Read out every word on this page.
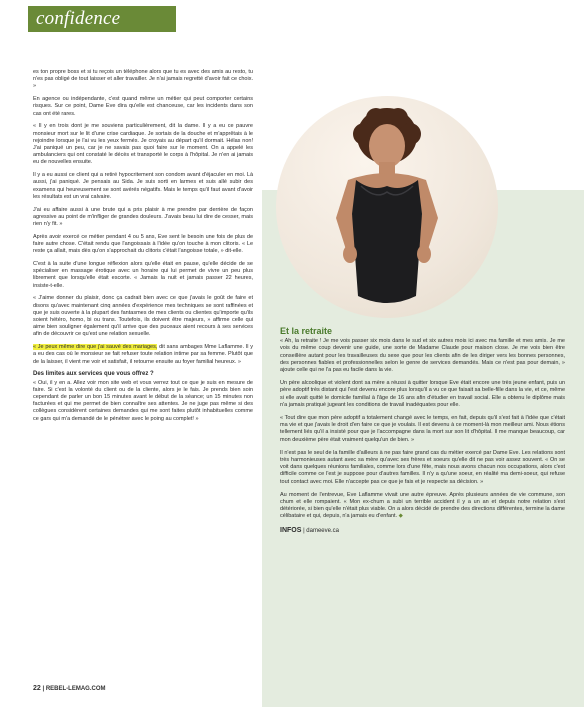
confidence

es ton propre boss et si tu reçois un téléphone alors que tu es avec des amis au resto, tu n'es pas obligé de tout laisser et aller travailler. Je n'ai jamais regretté d'avoir fait ce choix. »

En agence ou indépendante, c'est quand même un métier qui peut comporter certains risques. Sur ce point, Dame Eve dira qu'elle est chanceuse, car les incidents dans son cas ont été rares.

« Il y en trois dont je me souviens particulièrement, dit la dame. Il y a eu ce pauvre monsieur mort sur le lit d'une crise cardiaque. Je sortais de la douche et m'apprêtais à le rejoindre lorsque je l'ai vu les yeux fermés. Je croyais au départ qu'il dormait. Hélas non! J'ai paniqué un peu, car je ne savais pas quoi faire sur le moment. On a appelé les ambulanciers qui ont constaté le décès et transporté le corps à l'hôpital. Je n'en ai jamais eu de nouvelles ensuite.

Il y a eu aussi ce client qui a retiré hypocritement son condom avant d'éjaculer en moi. Là aussi, j'ai paniqué. Je pensais au Sida. Je suis sorti en larmes et suis allé subir des examens qui heureusement se sont avérés négatifs. Mais le temps qu'il faut avant d'avoir les résultats est un vrai calvaire.

J'ai eu affaire aussi à une brute qui a pris plaisir à me prendre par derrière de façon agressive au point de m'infliger de grandes douleurs. J'avais beau lui dire de cesser, mais rien n'y fit. »

Après avoir exercé ce métier pendant 4 ou 5 ans, Eve sent le besoin une fois de plus de faire autre chose. C'était rendu que l'angoissais à l'idée qu'on touche à mon clitoris. « Le reste ça allait, mais dès qu'on s'approchait du clitoris c'était l'angoisse totale, » dit-elle.

C'est à la suite d'une longue réflexion alors qu'elle était en pause, qu'elle décide de se spécialiser en massage érotique avec un horaire qui lui permet de vivre un peu plus librement que lorsqu'elle était escorte. « Jamais la nuit et jamais passer 22 heures, insiste-t-elle.

« J'aime donner du plaisir, donc ça cadrait bien avec ce que j'avais le goût de faire et disons qu'avec maintenant cinq années d'expérience mes techniques se sont raffinées et que je suis ouverte à la plupart des fantasmes de mes clients ou clientes qu'importe qu'ils soient hétéro, homo, bi ou trans. Toutefois, ils doivent être majeurs, » affirme celle qui aime bien souligner également qu'il arrive que des puceaux aient recours à ses services afin de découvrir ce qu'est une relation sexuelle.

« Je peux même dire que j'ai sauvé des mariages, dit sans ambages Mme Laflamme. Il y a eu des cas où le monsieur se fait refuser toute relation intime par sa femme. Plutôt que de la laisser, il vient me voir et satisfait, il retourne ensuite au foyer familial heureux. »

Des limites aux services que vous offrez ?

« Oui, il y en a. Allez voir mon site web et vous verrez tout ce que je suis en mesure de faire. Si c'est la volonté du client ou de la cliente, alors je le fais. Je prends bien soin cependant de parler un bon 15 minutes avant le début de la séance; un 15 minutes non facturées et qui me permet de bien connaître ses attentes. Je ne juge pas même si des collègues considèrent certaines demandes qui me sont faites plutôt inhabituelles comme ce gars qui m'a demandé de le pénétrer avec le poing au complet! »

Et la retraite

« Ah, la retraite ! Je me vois passer six mois dans le sud et six autres mois ici avec ma famille et mes amis. Je me vois du même coup devenir une guide, une sorte de Madame Claude pour maison close. Je me vois bien être conseillère autant pour les travailleuses du sexe que pour les clients afin de les diriger vers les bonnes personnes, des personnes fiables et professionnelles selon le genre de services demandés. Mais ce n'est pas pour demain, » ajoute celle qui ne l'a pas eu facile dans la vie.

Un père alcoolique et violent dont sa mère a réussi à quitter lorsque Eve était encore une très jeune enfant, puis un père adoptif très distant qui l'est devenu encore plus lorsqu'il a vu ce que faisait sa belle-fille dans la vie, et ce, même si elle avait quitté le domicile familial à l'âge de 16 ans afin d'étudier en travail social. Elle a obtenu le diplôme mais n'a jamais pratiqué jugeant les conditions de travail inadéquates pour elle.

« Tout dire que mon père adoptif a totalement changé avec le temps, en fait, depuis qu'il s'est fait à l'idée que c'était ma vie et que j'avais le droit d'en faire ce que je voulais. Il est devenu à ce moment-là mon meilleur ami. Nous étions tellement liés qu'il a insisté pour que je l'accompagne dans la mort sur son lit d'hôpital. Il me manque beaucoup, car mon deuxième père était vraiment quelqu'un de bien. »

Il n'est pas le seul de la famille d'ailleurs à ne pas faire grand cas du métier exercé par Dame Eve. Les relations sont très harmonieuses autant avec sa mère qu'avec ses frères et soeurs qu'elle dit ne pas voir assez souvent. « On se voit dans quelques réunions familiales, comme lors d'une fête, mais nous avons chacun nos occupations, alors c'est difficile comme ce l'est je suppose pour d'autres familles. Il n'y a qu'une soeur, en réalité ma demi-soeur, qui refuse tout contact avec moi. Elle n'accepte pas ce que je fais et je respecte sa décision. »

Au moment de l'entrevue, Eve Laflamme vivait une autre épreuve. Après plusieurs années de vie commune, son chum et elle rompaient. « Mon ex-chum a subi un terrible accident il y a un an et depuis notre relation s'est détériorée, si bien qu'elle n'était plus viable. On a alors décidé de prendre des directions différentes, termine la dame célibataire et qui, depuis, n'a jamais eu d'enfant. ◆

INFOS | dameeve.ca
22 | REBEL-LEMAG.COM
